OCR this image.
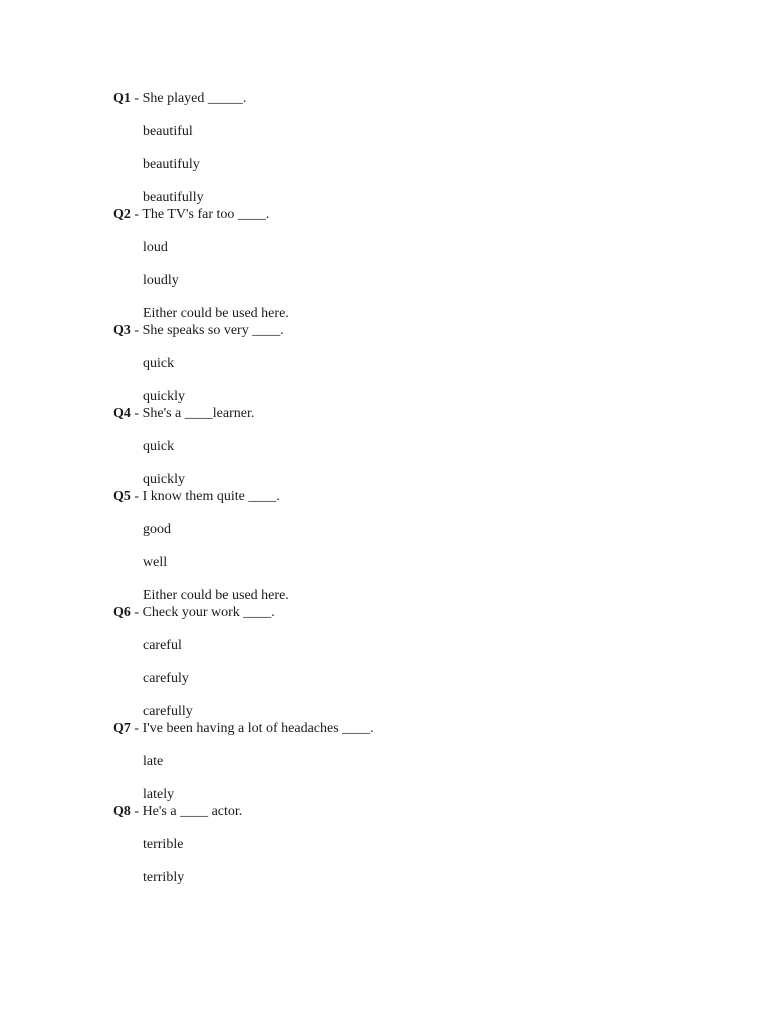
Q1 - She played _____.
beautiful
beautifuly
beautifully
Q2 - The TV's far too ____.
loud
loudly
Either could be used here.
Q3 - She speaks so very ____.
quick
quickly
Q4 - She's a ____learner.
quick
quickly
Q5 - I know them quite ____.
good
well
Either could be used here.
Q6 - Check your work ____.
careful
carefuly
carefully
Q7 - I've been having a lot of headaches ____.
late
lately
Q8 - He's a ____ actor.
terrible
terribly
